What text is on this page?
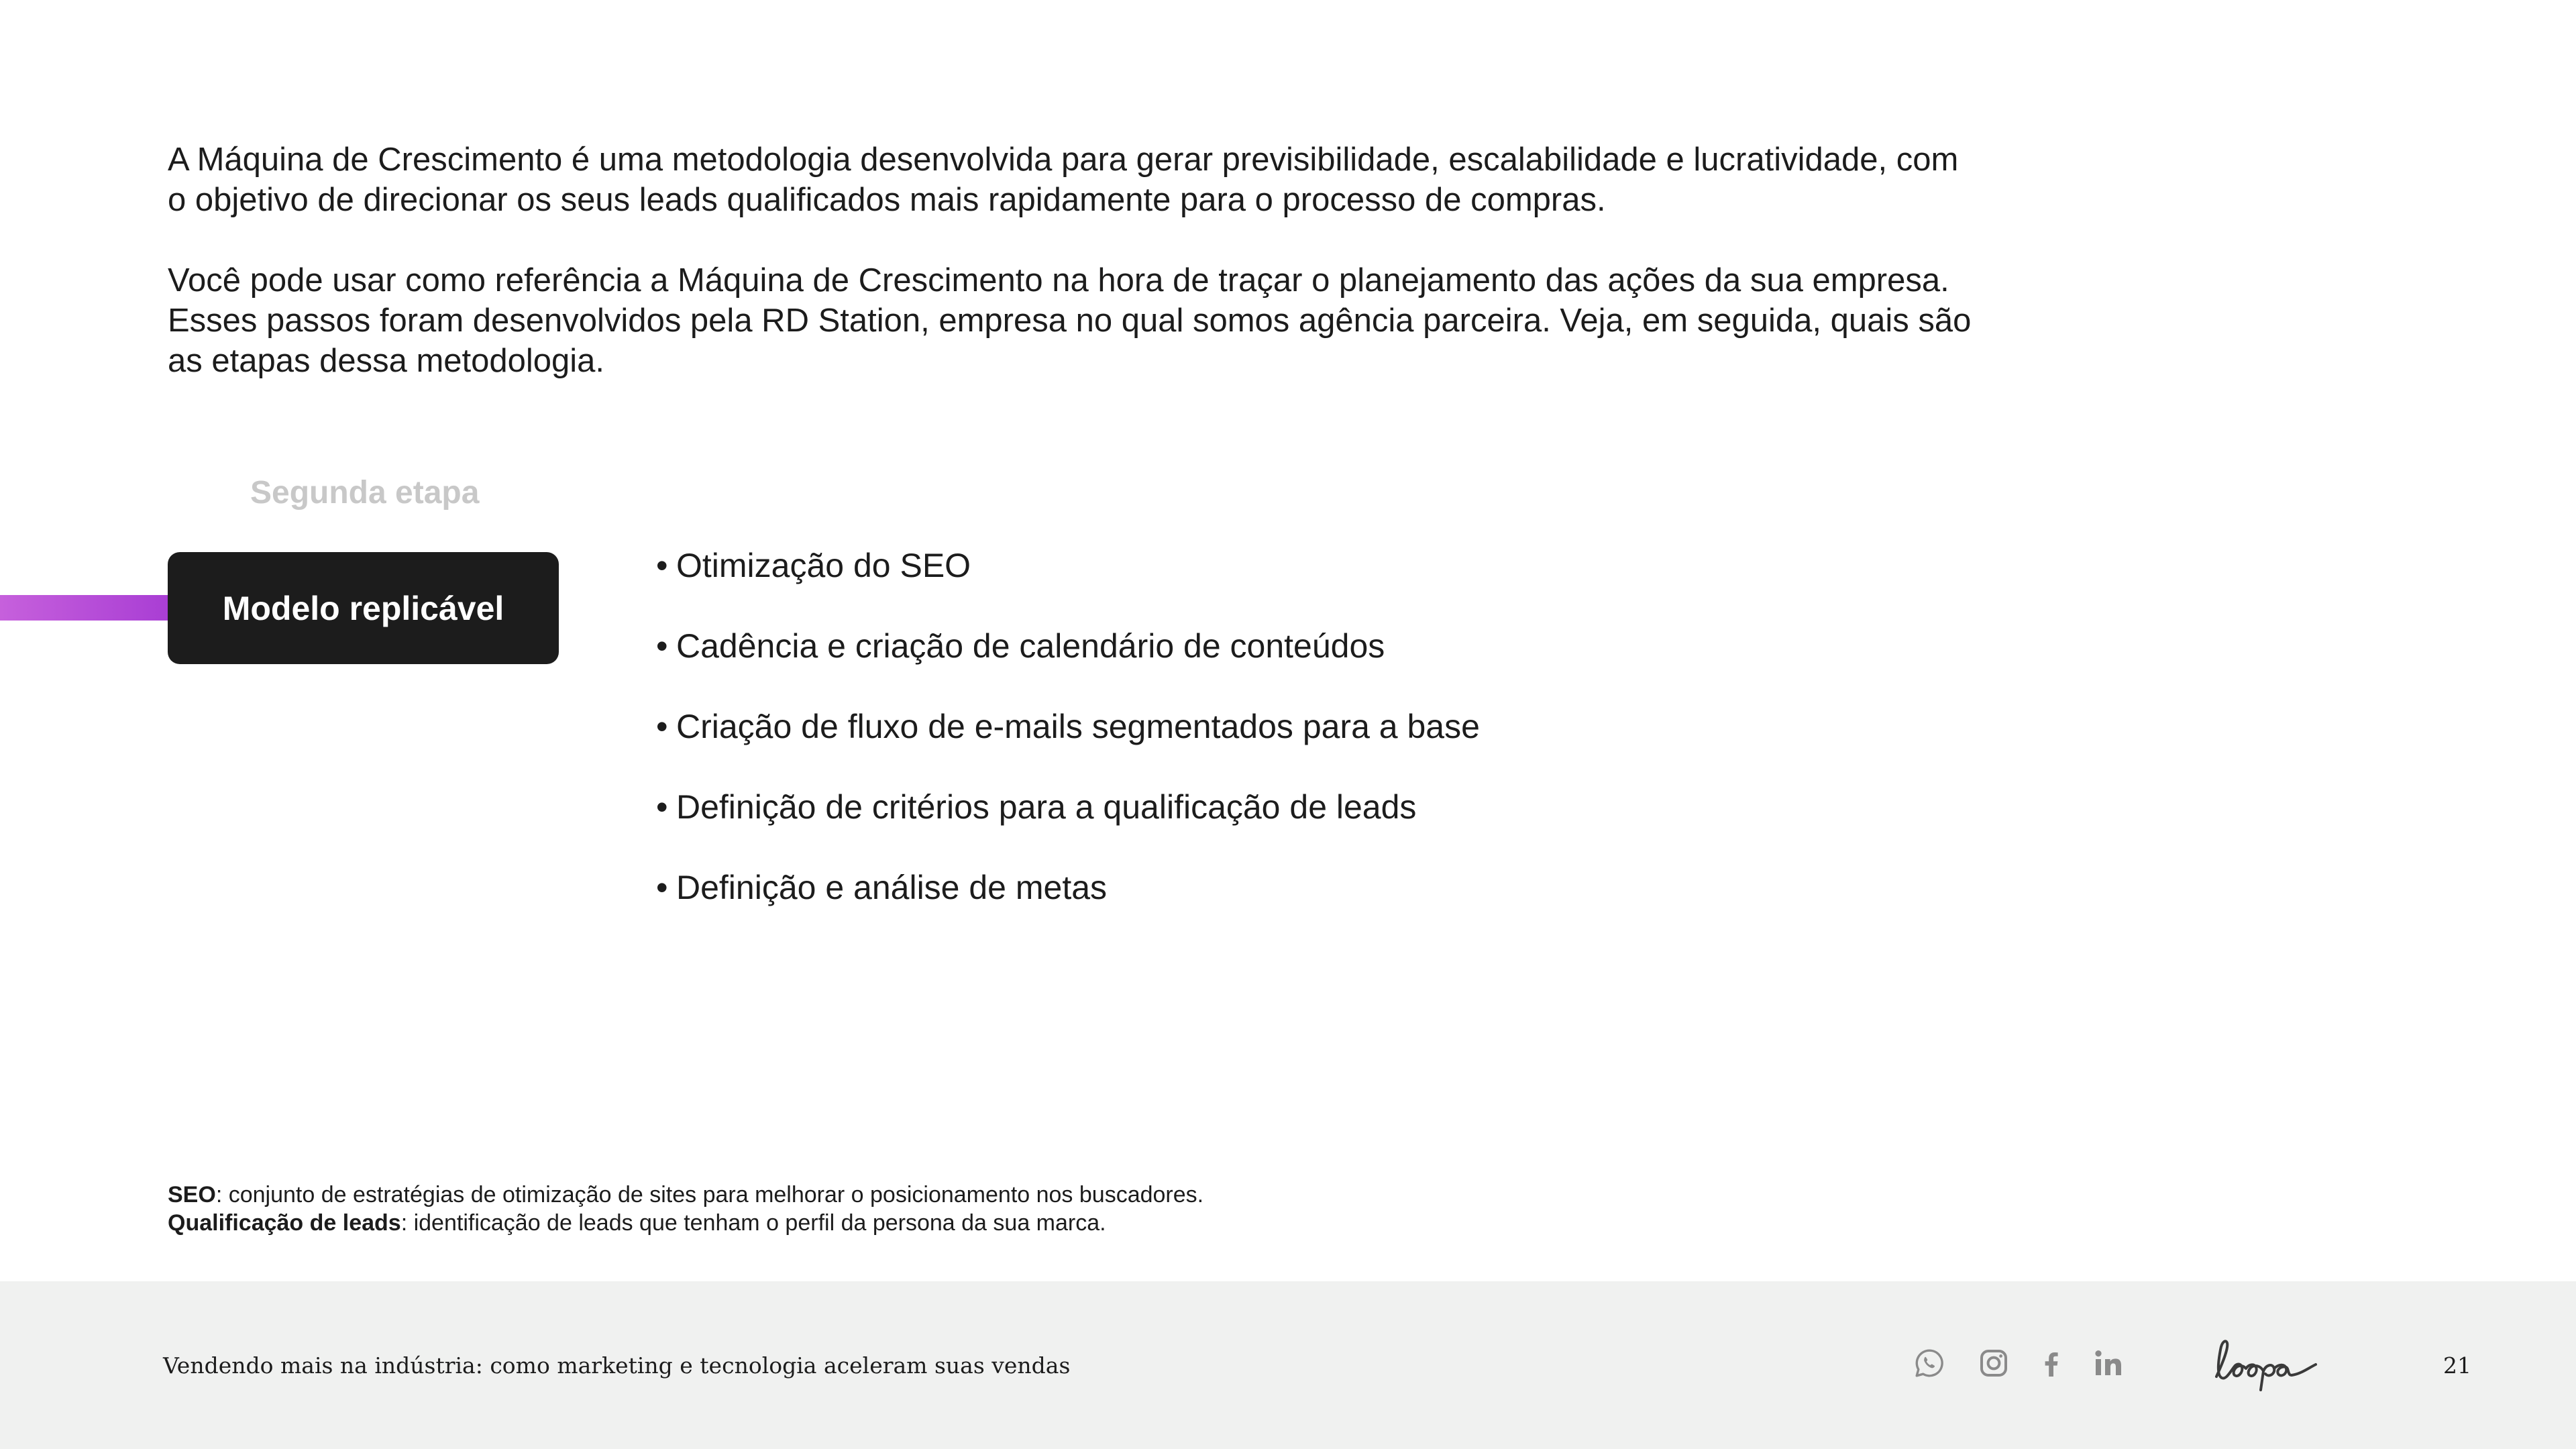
A Máquina de Crescimento é uma metodologia desenvolvida para gerar previsibilidade, escalabilidade e lucratividade, com o objetivo de direcionar os seus leads qualificados mais rapidamente para o processo de compras.

Você pode usar como referência a Máquina de Crescimento na hora de traçar o planejamento das ações da sua empresa. Esses passos foram desenvolvidos pela RD Station, empresa no qual somos agência parceira. Veja, em seguida, quais são as etapas dessa metodologia.

Segunda etapa
Modelo replicável
• Otimização do SEO
• Cadência e criação de calendário de conteúdos
• Criação de fluxo de e-mails segmentados para a base
• Definição de critérios para a qualificação de leads
• Definição e análise de metas
SEO: conjunto de estratégias de otimização de sites para melhorar o posicionamento nos buscadores.
Qualificação de leads: identificação de leads que tenham o perfil da persona da sua marca.
Vendendo mais na indústria: como marketing e tecnologia aceleram suas vendas	21
